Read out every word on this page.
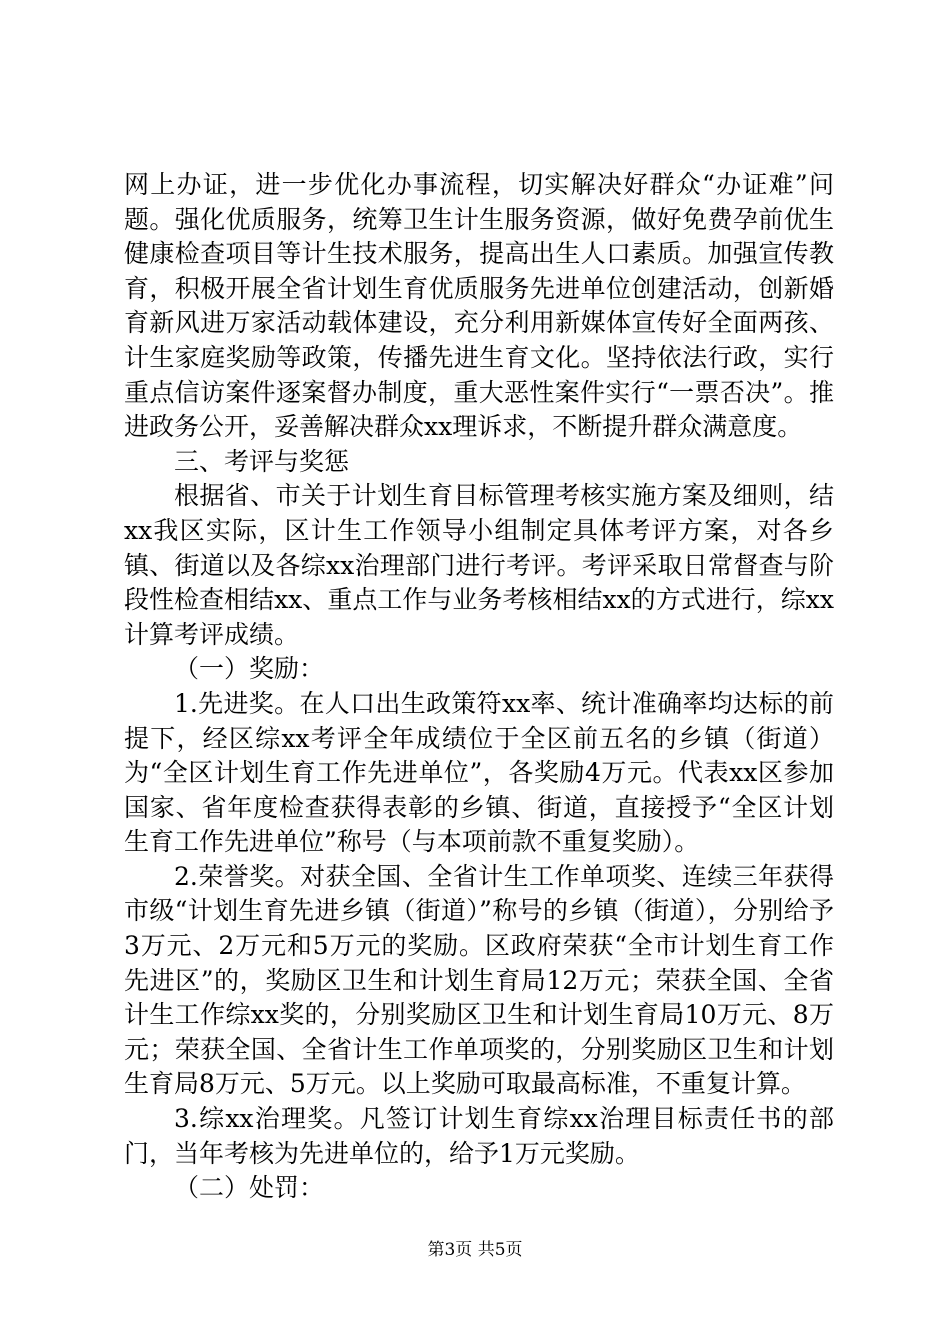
网上办证，进一步优化办事流程，切实解决好群众“办证难”问题。强化优质服务，统筹卫生计生服务资源，做好免费孕前优生健康检查项目等计生技术服务，提高出生人口素质。加强宣传教育，积极开展全省计划生育优质服务先进单位创建活动，创新婚育新风进万家活动载体建设，充分利用新媒体宣传好全面两孩、计生家庭奖励等政策，传播先进生育文化。坚持依法行政，实行重点信访案件逐案督办制度，重大恶性案件实行“一票否决”。推进政务公开，妥善解决群众xx理诉求，不断提升群众满意度。

三、考评与奖惩

根据省、市关于计划生育目标管理考核实施方案及细则，结xx我区实际，区计生工作领导小组制定具体考评方案，对各乡镇、街道以及各综xx治理部门进行考评。考评采取日常督查与阶段性检查相结xx、重点工作与业务考核相结xx的方式进行，综xx计算考评成绩。

（一）奖励：

1.先进奖。在人口出生政策符xx率、统计准确率均达标的前提下，经区综xx考评全年成绩位于全区前五名的乡镇（街道）为“全区计划生育工作先进单位”，各奖励4万元。代表xx区参加国家、省年度检查获得表彰的乡镇、街道，直接授予“全区计划生育工作先进单位”称号（与本项前款不重复奖励）。

2.荣誉奖。对获全国、全省计生工作单项奖、连续三年获得市级“计划生育先进乡镇（街道）”称号的乡镇（街道），分别给予3万元、2万元和5万元的奖励。区政府荣获“全市计划生育工作先进区”的，奖励区卫生和计划生育局12万元；荣获全国、全省计生工作综xx奖的，分别奖励区卫生和计划生育局10万元、8万元；荣获全国、全省计生工作单项奖的，分别奖励区卫生和计划生育局8万元、5万元。以上奖励可取最高标准，不重复计算。

3.综xx治理奖。凡签订计划生育综xx治理目标责任书的部门，当年考核为先进单位的，给予1万元奖励。

（二）处罚：

第3页 共5页
